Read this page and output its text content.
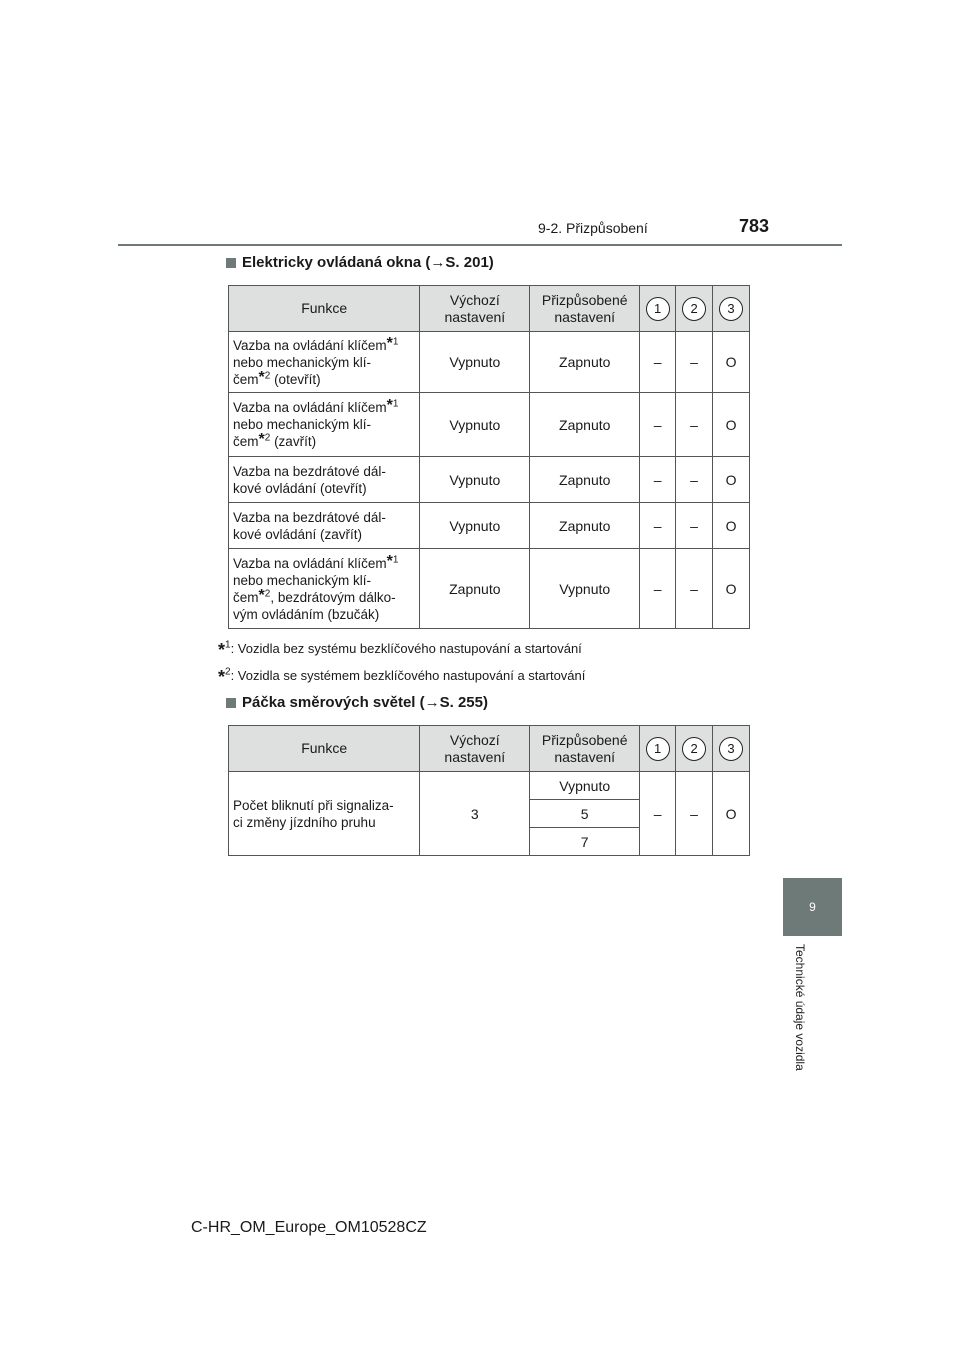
9-2. Přizpůsobení	783
9
Technické údaje vozidla
Elektricky ovládaná okna (→S. 201)
Funkce	Výchozí nastavení	Přizpůsobené nastavení	1	2	3
Vazba na ovládání klíčem$^{*1}$
nebo mechanickým klí-
čem$^{*2}$ (otevřít)	Vypnuto	Zapnuto	–	–	O
Vazba na ovládání klíčem$^{*1}$
nebo mechanickým klí-
čem$^{*2}$ (zavřít)	Vypnuto	Zapnuto	–	–	O
Vazba na bezdrátové dál-
kové ovládání (otevřít)	Vypnuto	Zapnuto	–	–	O
Vazba na bezdrátové dál-
kové ovládání (zavřít)	Vypnuto	Zapnuto	–	–	O
Vazba na ovládání klíčem$^{*1}$
nebo mechanickým klí-
čem$^{*2}$, bezdrátovým dálko-
vým ovládáním (bzučák)	Zapnuto	Vypnuto	–	–	O
*$^1$: Vozidla bez systému bezklíčového nastupování a startování
*$^2$: Vozidla se systémem bezklíčového nastupování a startování
Páčka směrových světel (→S. 255)
Funkce	Výchozí nastavení	Přizpůsobené nastavení	1	2	3
Počet bliknutí při signaliza-
ci změny jízdního pruhu	3	Vypnuto	–	–	O
		5			
		7			
C-HR_OM_Europe_OM10528CZ
